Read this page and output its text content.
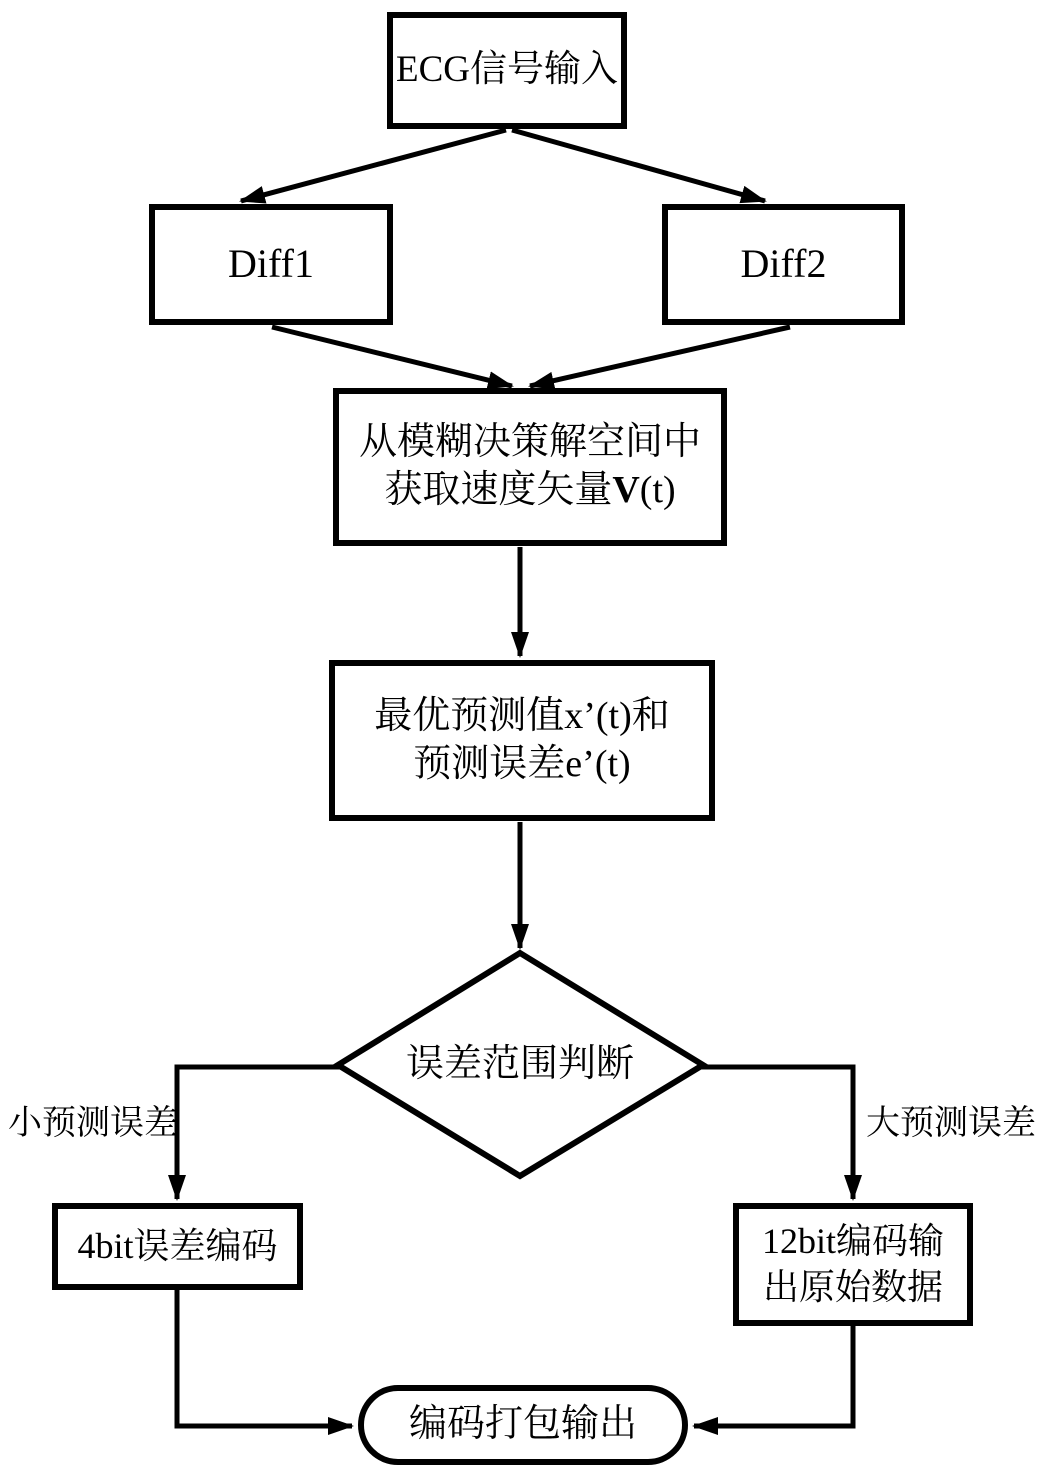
ECG信号输入
Diff1	Diff2
从模糊决策解空间中
获取速度矢量V(t)
最优预测值x’(t)和
预测误差e’(t)
误差范围判断
小预测误差	大预测误差
4bit误差编码	12bit编码输
出原始数据
编码打包输出
